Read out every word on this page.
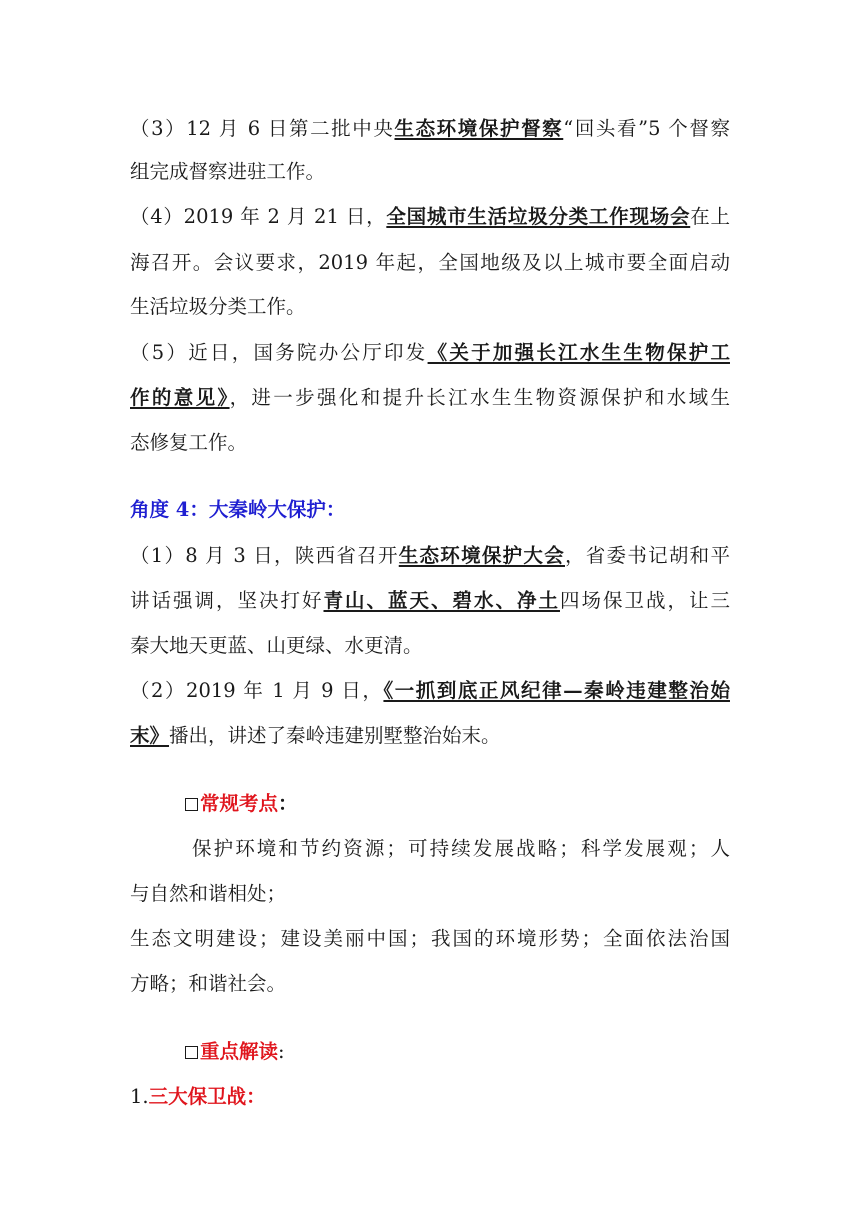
（3）12 月 6 日第二批中央生态环境保护督察“回头看”5 个督察
组完成督察进驻工作。
（4）2019 年 2 月 21 日，全国城市生活垃圾分类工作现场会在上
海召开。会议要求，2019 年起，全国地级及以上城市要全面启动
生活垃圾分类工作。
（5）近日，国务院办公厅印发《关于加强长江水生生物保护工
作的意见》，进一步强化和提升长江水生生物资源保护和水域生
态修复工作。
角度 4：大秦岭大保护：
（1）8 月 3 日，陕西省召开生态环境保护大会，省委书记胡和平
讲话强调，坚决打好青山、蓝天、碧水、净土四场保卫战，让三
秦大地天更蓝、山更绿、水更清。
（2）2019 年 1 月 9 日，《一抓到底正风纪律—秦岭违建整治始
末》播出，讲述了秦岭违建别墅整治始末。
常规考点：
保护环境和节约资源；可持续发展战略；科学发展观；人
与自然和谐相处；
生态文明建设；建设美丽中国；我国的环境形势；全面依法治国
方略；和谐社会。
重点解读:
1.三大保卫战：
